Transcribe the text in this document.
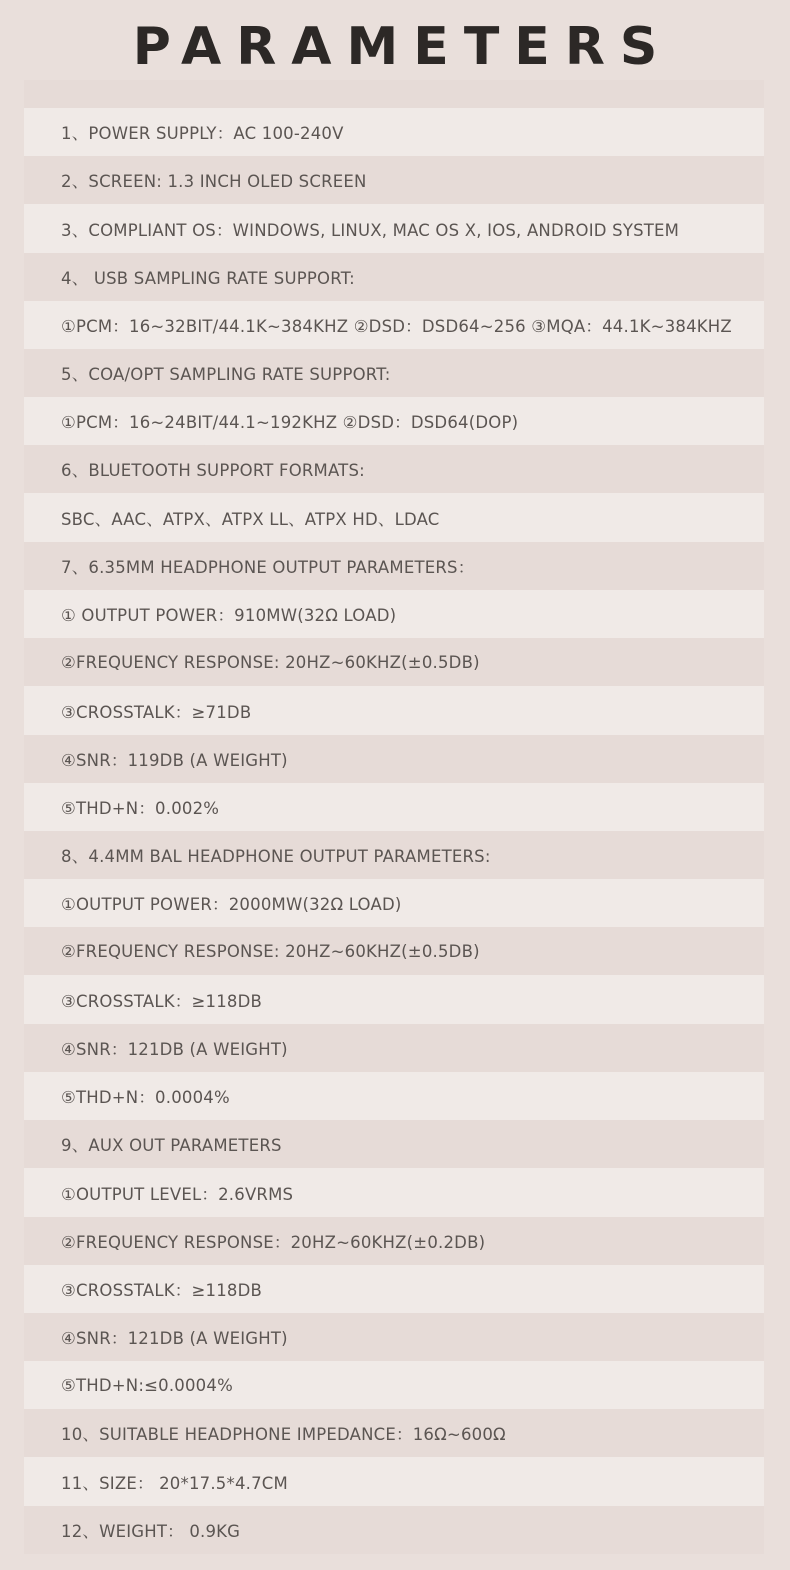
PARAMETERS
1、POWER SUPPLY：AC 100-240V
2、SCREEN: 1.3 INCH OLED SCREEN
3、COMPLIANT OS：WINDOWS, LINUX, MAC OS X, IOS, ANDROID SYSTEM
4、 USB SAMPLING RATE SUPPORT:
①PCM：16~32BIT/44.1K~384KHZ ②DSD：DSD64~256 ③MQA：44.1K~384KHZ
5、COA/OPT SAMPLING RATE SUPPORT:
①PCM：16~24BIT/44.1~192KHZ ②DSD：DSD64(DOP)
6、BLUETOOTH SUPPORT FORMATS:
SBC、AAC、ATPX、ATPX LL、ATPX HD、LDAC
7、6.35MM HEADPHONE OUTPUT PARAMETERS：
① OUTPUT POWER：910MW(32Ω LOAD)
②FREQUENCY RESPONSE: 20HZ~60KHZ(±0.5DB)
③CROSSTALK：≥71DB
④SNR：119DB (A WEIGHT)
⑤THD+N：0.002%
8、4.4MM BAL HEADPHONE OUTPUT PARAMETERS:
①OUTPUT POWER：2000MW(32Ω LOAD)
②FREQUENCY RESPONSE: 20HZ~60KHZ(±0.5DB)
③CROSSTALK：≥118DB
④SNR：121DB (A WEIGHT)
⑤THD+N：0.0004%
9、AUX OUT PARAMETERS
①OUTPUT LEVEL：2.6VRMS
②FREQUENCY RESPONSE：20HZ~60KHZ(±0.2DB)
③CROSSTALK：≥118DB
④SNR：121DB (A WEIGHT)
⑤THD+N:≤0.0004%
10、SUITABLE HEADPHONE IMPEDANCE：16Ω~600Ω
11、SIZE： 20*17.5*4.7CM
12、WEIGHT： 0.9KG
